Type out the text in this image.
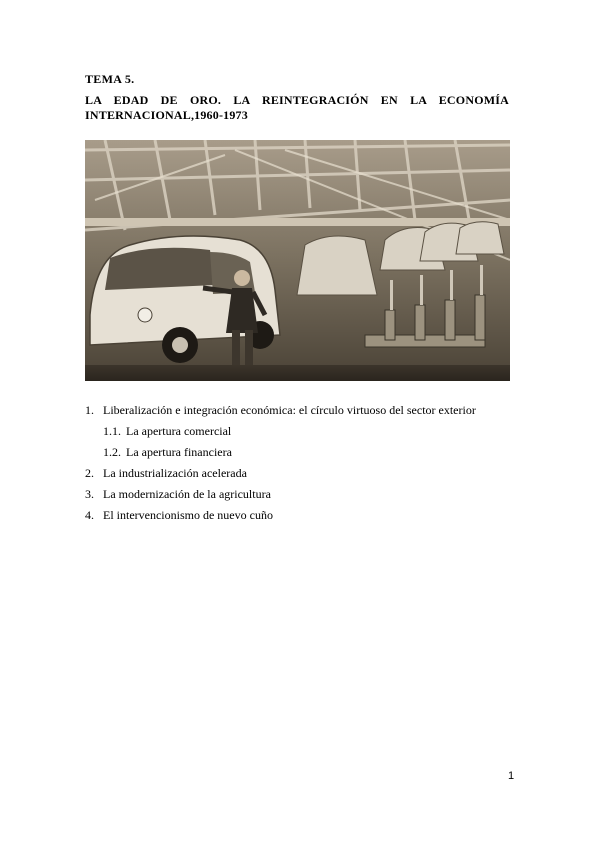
TEMA 5.
LA EDAD DE ORO. LA REINTEGRACIÓN EN LA ECONOMÍA INTERNACIONAL,1960-1973
1. Liberalización e integración económica: el círculo virtuoso del sector exterior
1.1. La apertura comercial
1.2. La apertura financiera
2. La industrialización acelerada
3. La modernización de la agricultura
4. El intervencionismo de nuevo cuño
1
